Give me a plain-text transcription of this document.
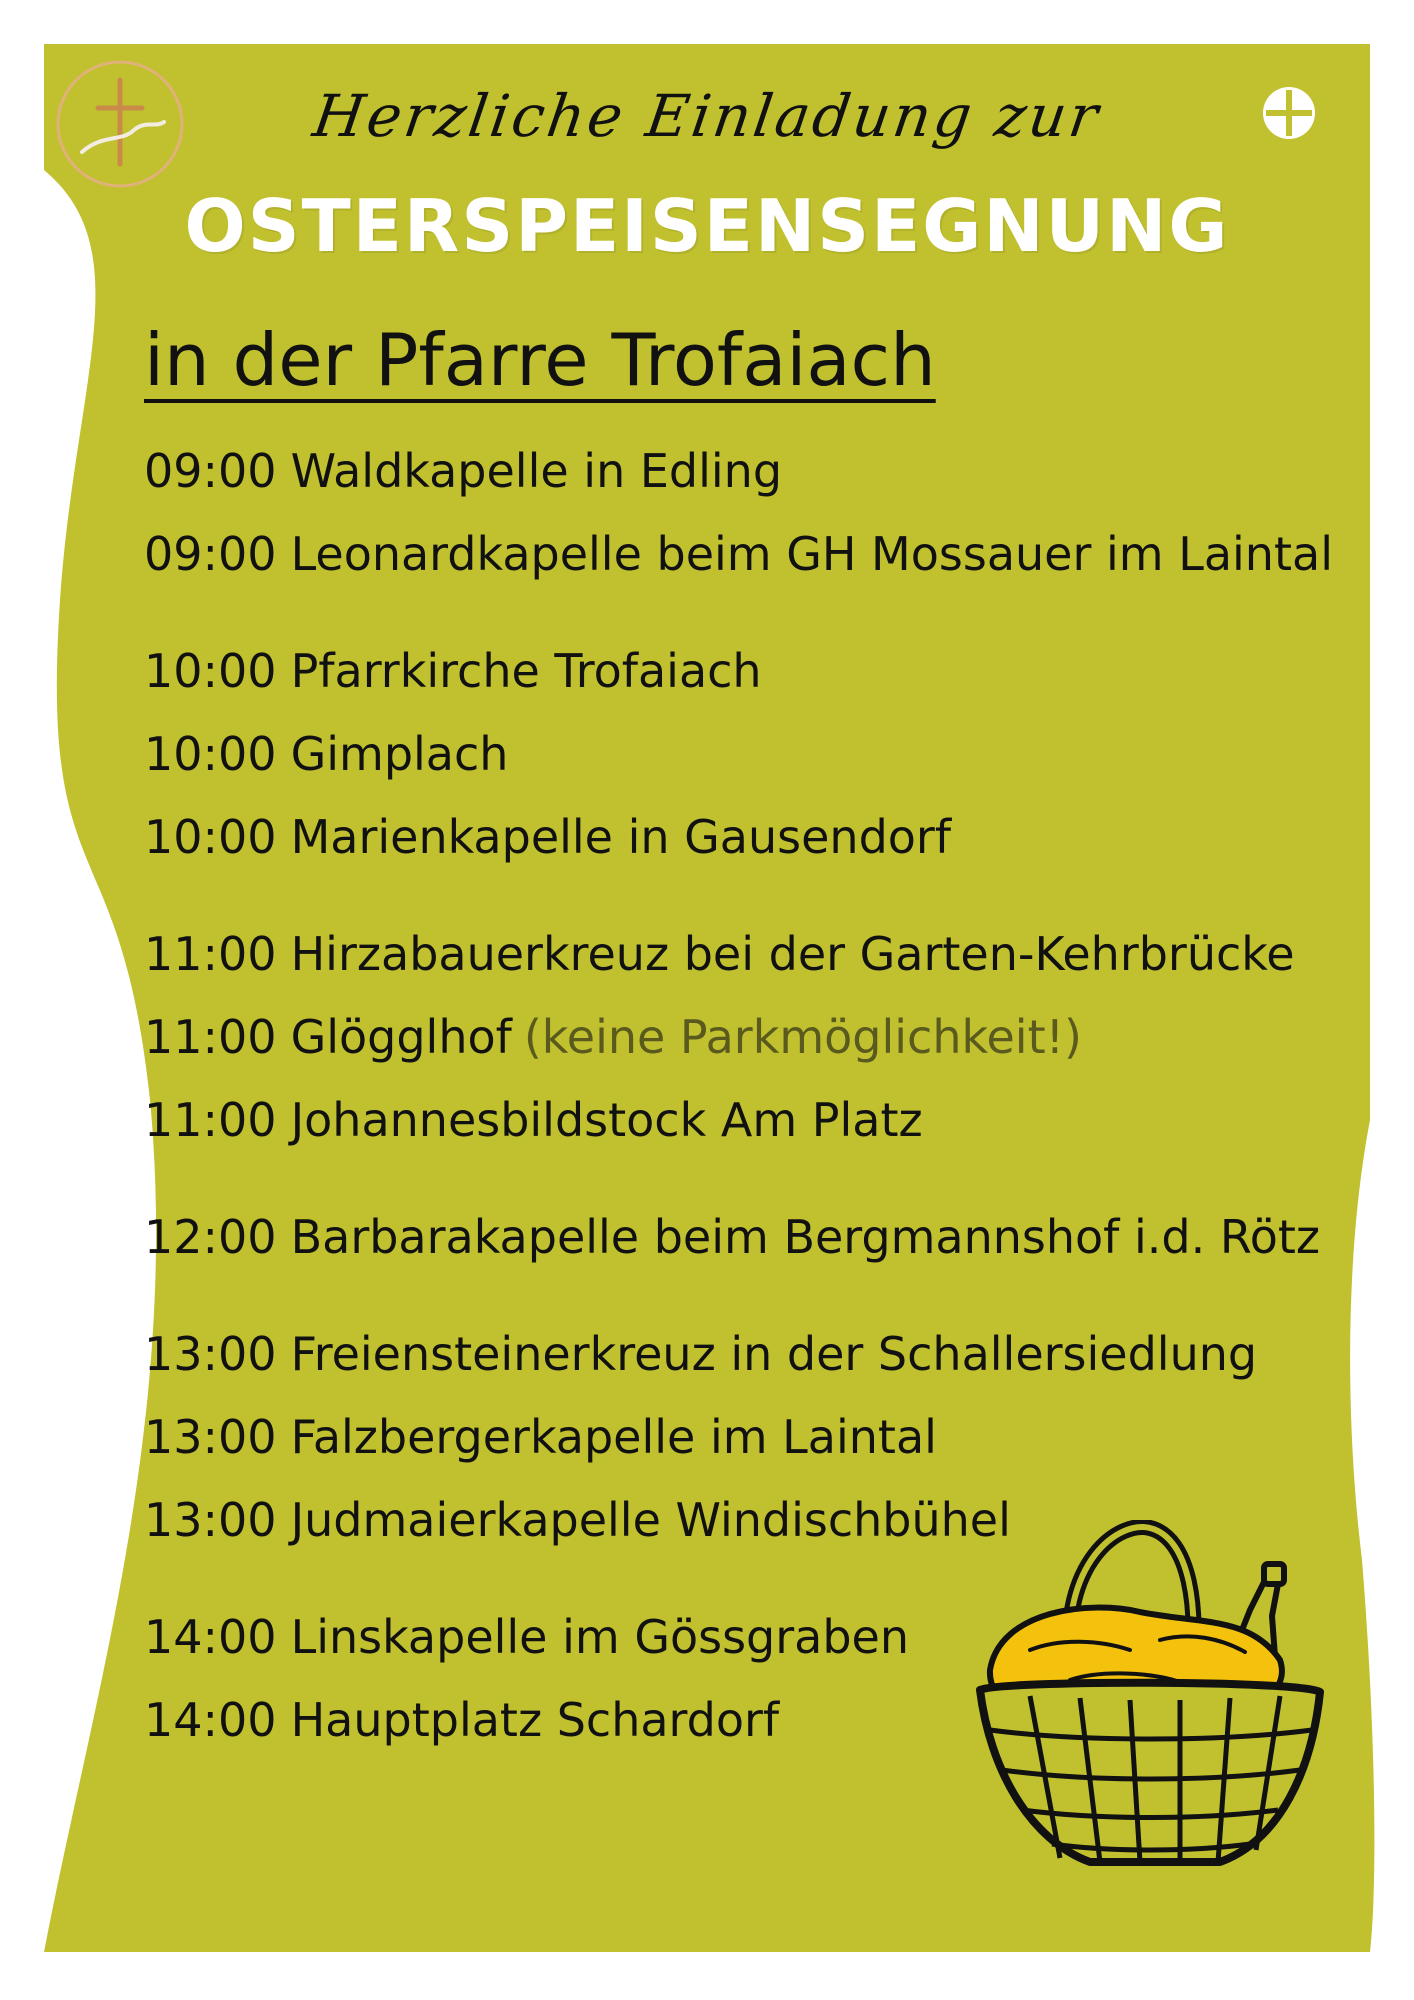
Herzliche Einladung zur
OSTERSPEISENSEGNUNG
in der Pfarre Trofaiach
09:00 Waldkapelle in Edling
09:00 Leonardkapelle beim GH Mossauer im Laintal
10:00 Pfarrkirche Trofaiach
10:00 Gimplach
10:00 Marienkapelle in Gausendorf
11:00 Hirzabauerkreuz bei der Garten-Kehrbrücke
11:00 Glögglhof (keine Parkmöglichkeit!)
11:00 Johannesbildstock Am Platz
12:00 Barbarakapelle beim Bergmannshof i.d. Rötz
13:00 Freiensteinerkreuz in der Schallersiedlung
13:00 Falzbergerkapelle im Laintal
13:00 Judmaierkapelle Windischbühel
14:00 Linskapelle im Gössgraben
14:00 Hauptplatz Schardorf
